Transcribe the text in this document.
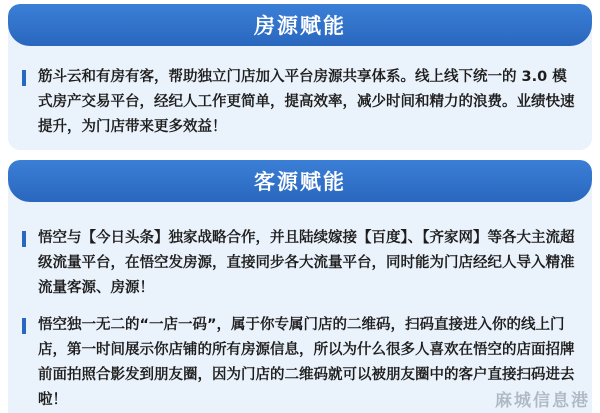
房源赋能
筋斗云和有房有客，帮助独立门店加入平台房源共享体系。线上线下统一的 3.0 模式房产交易平台，经纪人工作更简单，提高效率，减少时间和精力的浪费。业绩快速提升，为门店带来更多效益！
客源赋能
悟空与【今日头条】独家战略合作，并且陆续嫁接【百度】、【齐家网】等各大主流超级流量平台，在悟空发房源，直接同步各大流量平台，同时能为门店经纪人导入精准流量客源、房源！
悟空独一无二的“一店一码”，属于你专属门店的二维码，扫码直接进入你的线上门店，第一时间展示你店铺的所有房源信息，所以为什么很多人喜欢在悟空的店面招牌前面拍照合影发到朋友圈，因为门店的二维码就可以被朋友圈中的客户直接扫码进去啦！	麻城信息港
